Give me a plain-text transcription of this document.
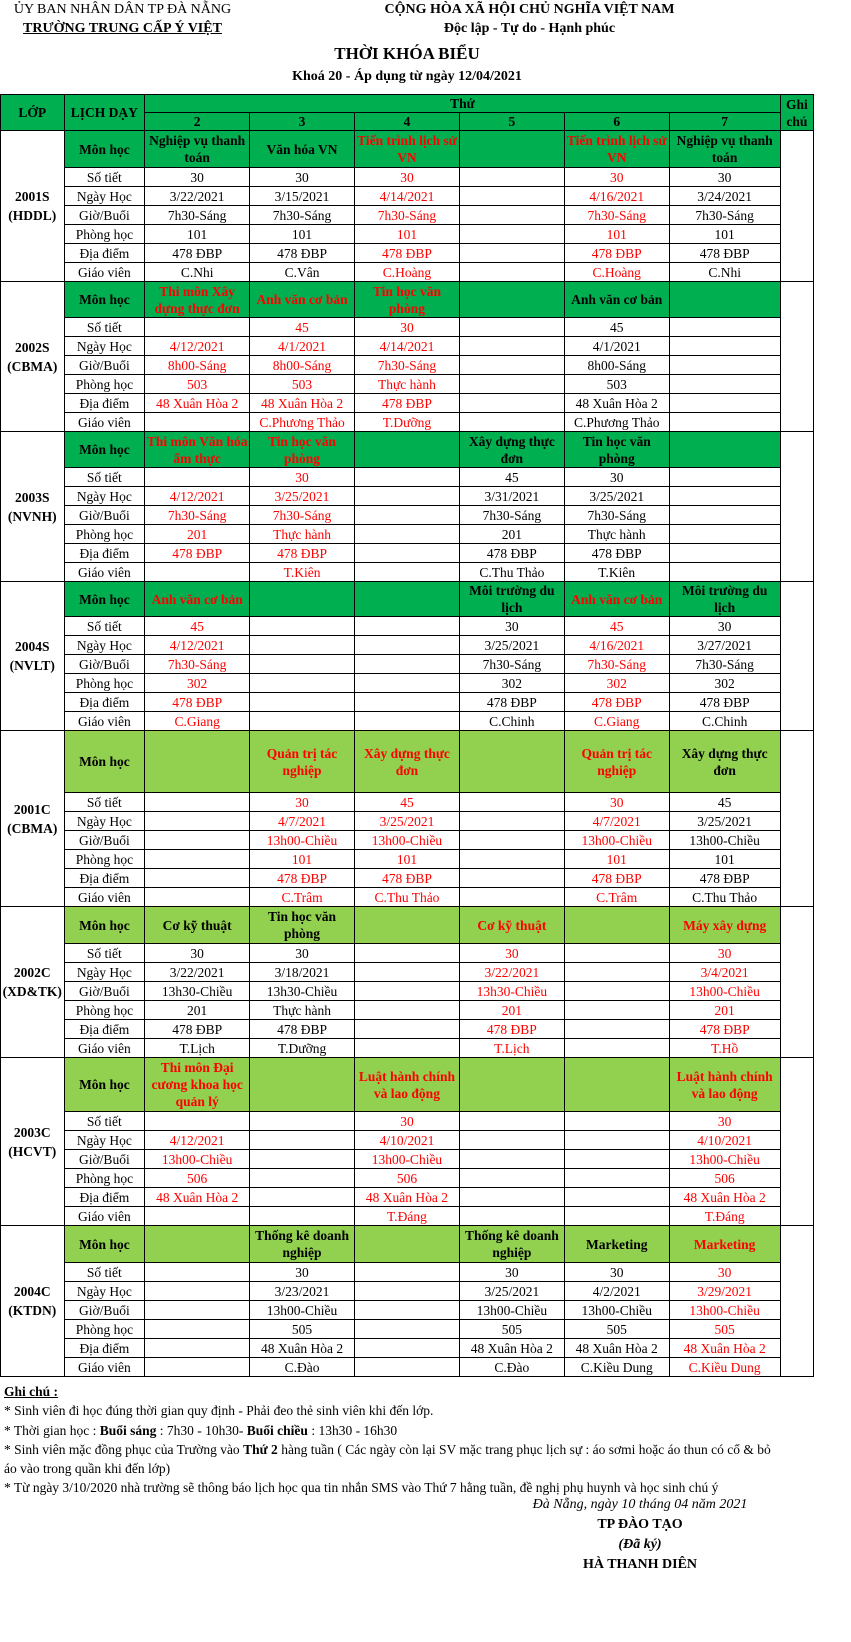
ỦY BAN NHÂN DÂN TP ĐÀ NẴNG
TRƯỜNG TRUNG CẤP Ý VIỆT
CỘNG HÒA XÃ HỘI CHỦ NGHĨA VIỆT NAM
Độc lập - Tự do - Hạnh phúc
THỜI KHÓA BIỂU
Khoá 20 - Áp dụng từ ngày 12/04/2021
LỚP	LỊCH DẠY	Thứ						Ghi chú
		2	3	4	5	6	7	
2001S (HDDL)	Môn học	Nghiệp vụ thanh toán	Văn hóa VN	Tiến trình lịch sử VN		Tiến trình lịch sử VN	Nghiệp vụ thanh toán	
	Số tiết	30	30	30		30	30	
	Ngày Học	3/22/2021	3/15/2021	4/14/2021		4/16/2021	3/24/2021	
	Giờ/Buổi	7h30-Sáng	7h30-Sáng	7h30-Sáng		7h30-Sáng	7h30-Sáng	
	Phòng học	101	101	101		101	101	
	Địa điểm	478 ĐBP	478 ĐBP	478 ĐBP		478 ĐBP	478 ĐBP	
	Giáo viên	C.Nhi	C.Vân	C.Hoàng		C.Hoàng	C.Nhi	
2002S (CBMA)	Môn học	Thi môn Xây dựng thực đơn	Anh văn cơ bản	Tin học văn phòng		Anh văn cơ bản		
	Số tiết		45	30		45		
	Ngày Học	4/12/2021	4/1/2021	4/14/2021		4/1/2021		
	Giờ/Buổi	8h00-Sáng	8h00-Sáng	7h30-Sáng		8h00-Sáng		
	Phòng học	503	503	Thực hành		503		
	Địa điểm	48 Xuân Hòa 2	48 Xuân Hòa 2	478 ĐBP		48 Xuân Hòa 2		
	Giáo viên		C.Phương Thảo	T.Dưỡng		C.Phương Thảo		
2003S (NVNH)	Môn học	Thi môn Văn hóa ẩm thực	Tin học văn phòng		Xây dựng thực đơn	Tin học văn phòng		
	Số tiết		30		45	30		
	Ngày Học	4/12/2021	3/25/2021		3/31/2021	3/25/2021		
	Giờ/Buổi	7h30-Sáng	7h30-Sáng		7h30-Sáng	7h30-Sáng		
	Phòng học	201	Thực hành		201	Thực hành		
	Địa điểm	478 ĐBP	478 ĐBP		478 ĐBP	478 ĐBP		
	Giáo viên		T.Kiên		C.Thu Thảo	T.Kiên		
2004S (NVLT)	Môn học	Anh văn cơ bản			Môi trường du lịch	Anh văn cơ bản	Môi trường du lịch	
	Số tiết	45			30	45	30	
	Ngày Học	4/12/2021			3/25/2021	4/16/2021	3/27/2021	
	Giờ/Buổi	7h30-Sáng			7h30-Sáng	7h30-Sáng	7h30-Sáng	
	Phòng học	302			302	302	302	
	Địa điểm	478 ĐBP			478 ĐBP	478 ĐBP	478 ĐBP	
	Giáo viên	C.Giang			C.Chinh	C.Giang	C.Chinh	
2001C (CBMA)	Môn học		Quản trị tác nghiệp	Xây dựng thực đơn		Quản trị tác nghiệp	Xây dựng thực đơn	
	Số tiết		30	45		30	45	
	Ngày Học		4/7/2021	3/25/2021		4/7/2021	3/25/2021	
	Giờ/Buổi		13h00-Chiều	13h00-Chiều		13h00-Chiều	13h00-Chiều	
	Phòng học		101	101		101	101	
	Địa điểm		478 ĐBP	478 ĐBP		478 ĐBP	478 ĐBP	
	Giáo viên		C.Trâm	C.Thu Thảo		C.Trâm	C.Thu Thảo	
2002C (XD&TK)	Môn học	Cơ kỹ thuật	Tin học văn phòng		Cơ kỹ thuật		Máy xây dựng	
	Số tiết	30	30		30		30	
	Ngày Học	3/22/2021	3/18/2021		3/22/2021		3/4/2021	
	Giờ/Buổi	13h30-Chiều	13h30-Chiều		13h30-Chiều		13h00-Chiều	
	Phòng học	201	Thực hành		201		201	
	Địa điểm	478 ĐBP	478 ĐBP		478 ĐBP		478 ĐBP	
	Giáo viên	T.Lịch	T.Dưỡng		T.Lịch		T.Hồ	
2003C (HCVT)	Môn học	Thi môn Đại cương khoa học quản lý		Luật hành chính và lao động			Luật hành chính và lao động	
	Số tiết			30			30	
	Ngày Học	4/12/2021		4/10/2021			4/10/2021	
	Giờ/Buổi	13h00-Chiều		13h00-Chiều			13h00-Chiều	
	Phòng học	506		506			506	
	Địa điểm	48 Xuân Hòa 2		48 Xuân Hòa 2			48 Xuân Hòa 2	
	Giáo viên			T.Đáng			T.Đáng	
2004C (KTDN)	Môn học		Thống kê doanh nghiệp		Thống kê doanh nghiệp	Marketing	Marketing	
	Số tiết		30		30	30	30	
	Ngày Học		3/23/2021		3/25/2021	4/2/2021	3/29/2021	
	Giờ/Buổi		13h00-Chiều		13h00-Chiều	13h00-Chiều	13h00-Chiều	
	Phòng học		505		505	505	505	
	Địa điểm		48 Xuân Hòa 2		48 Xuân Hòa 2	48 Xuân Hòa 2	48 Xuân Hòa 2	
	Giáo viên		C.Đào		C.Đào	C.Kiều Dung	C.Kiều Dung	
Ghi chú :
* Sinh viên đi học đúng thời gian quy định - Phải đeo thẻ sinh viên khi đến lớp.
* Thời gian học : Buổi sáng : 7h30 - 10h30- Buổi chiều : 13h30 - 16h30
* Sinh viên mặc đồng phục của Trường vào Thứ 2 hàng tuần ( Các ngày còn lại SV mặc trang phục lịch sự : áo sơmi hoặc áo thun có cổ & bỏ
áo vào trong quần khi đến lớp)
* Từ ngày 3/10/2020 nhà trường sẽ thông báo lịch học qua tin nhắn SMS vào Thứ 7 hằng tuần, đề nghị phụ huynh và học sinh chú ý
Đà Nẵng, ngày 10 tháng 04 năm 2021
TP ĐÀO TẠO
(Đã ký)
HÀ THANH DIÊN
